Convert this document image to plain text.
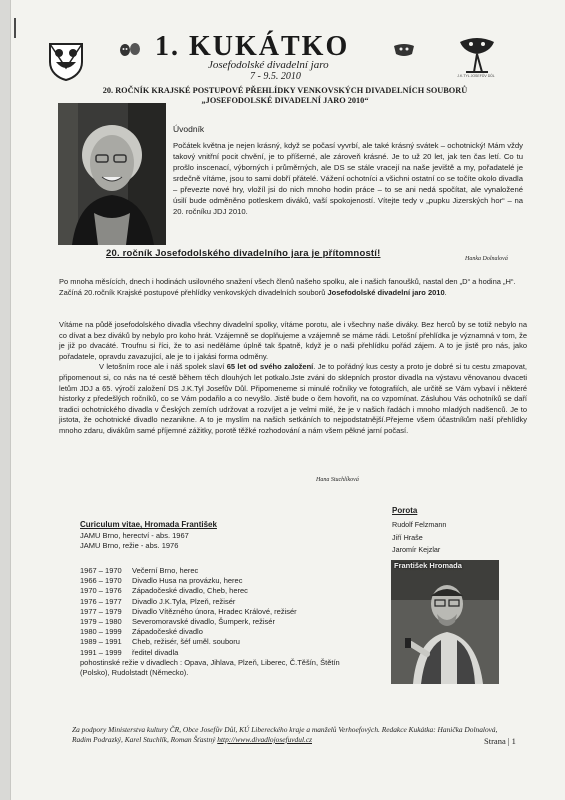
J.K.TYL JOSEFŮV DŮL
1. KUKÁTKO
Josefodolské divadelní jaro
7 - 9.5. 2010
20. ROČNÍK KRAJSKÉ POSTUPOVÉ PŘEHLÍDKY VENKOVSKÝCH DIVADELNÍCH SOUBORŮ
„JOSEFODOLSKÉ DIVADELNÍ JARO 2010“
Úvodník
Počátek května je nejen krásný, když se počasí vyvrbí, ale také krásný svátek – ochotnický! Mám vždy takový vnitřní pocit chvění, je to příšerné, ale zároveň krásné. Je to už 20 let, jak ten čas letí. Co tu prošlo inscenací, výborných i průměrných, ale DS se stále vracejí na naše jeviště a my, pořadatelé je srdečně vítáme, jsou to sami dobří přátelé. Vážení ochotníci a všichni ostatní co se točíte okolo divadla – převezte nové hry, vložíl jsi do nich mnoho hodin práce – to se ani nedá spočítat, ale vynaložené úsilí bude odměněno potleskem diváků, vaší spokojeností. Vítejte tedy v „pupku Jizerských hor“ – na 20. ročníku JDJ 2010.
Hanka Dolnalová
20. ročník Josefodolského divadelního jara je přítomností!
Po mnoha měsících, dnech i hodinách usilovného snažení všech členů našeho spolku, ale i našich fanoušků, nastal den „D“ a hodina „H“. Začíná 20.ročník Krajské postupové přehlídky venkovských divadelních souborů Josefodolské divadelní jaro 2010.

Vítáme na půdě josefodolského divadla všechny divadelní spolky, vítáme porotu, ale i všechny naše diváky. Bez herců by se totiž nebylo na co dívat a bez diváků by nebylo pro koho hrát. Vzájemně se doplňujeme a vzájemně se máme rádi. Letošní přehlídka je významná v tom, že je již po dvacáté. Troufnu si říci, že to asi neděláme úplně tak špatně, když je o naši přehlídku pořád zájem. A to je jistě pro nás, jako pořadatele, opravdu zavazující, ale je to i jakási forma odměny.

V letošním roce ale i náš spolek slaví 65 let od svého založení. Je to pořádný kus cesty a proto je dobré si tu cestu zmapovat, připomenout si, co nás na té cestě během těch dlouhých let potkalo.Jste zváni do sklepních prostor divadla na výstavu věnovanou dvaceti letům JDJ a 65. výročí založení DS J.K.Tyl Josefův Důl. Připomeneme si minulé ročníky ve fotografiích, ale určitě se Vám vybaví i některé historky z předešlých ročníků, co se Vám podařilo a co nevyšlo. Jistě bude o čem hovořit, na co vzpomínat. Zásluhou Vás ochotníků se daří tradici ochotnického divadla v Českých zemích udržovat a rozvíjet a je velmi milé, že je v našich řadách i mnoho mladých nadšenců. Je to jistota, že ochotnické divadlo nezanikne. A to je myslím na našich setkáních to nejpodstatnější.Přejeme všem účastníkům naší přehlídky mnoho zdaru, divákům samé příjemné zážitky, porotě těžké rozhodování a nám všem pěkné jarní počasí.

Hana Stuchlíková
Curiculum vitae, Hromada František
JAMU Brno, herectví - abs. 1967
JAMU Brno, režie - abs. 1976
1967 – 1970	Večerní Brno, herec
1966 – 1970	Divadlo Husa na provázku, herec
1970 – 1976	Západočeské divadlo, Cheb, herec
1976 – 1977	Divadlo J.K.Tyla, Plzeň, režisér
1977 – 1979	Divadlo Vítězného února, Hradec Králové, režisér
1979 – 1980	Severomoravské divadlo, Šumperk, režisér
1980 – 1999	Západočeské divadlo
1989 – 1991	Cheb, režisér, šéf uměl. souboru
1991 – 1999	ředitel divadla
pohostinské režie v divadlech : Opava, Jihlava, Plzeň, Liberec, Č.Těšín, Štětín (Polsko), Rudolstadt (Německo).
Porota
Rudolf Felzmann
Jiří Hraše
Jaromír Kejzlar
František Hromada
Za podpory Ministerstva kultury ČR, Obce Josefův Důl, KÚ Libereckého kraje a manželů Verhoefových. Redakce Kukátka: Hanička Dolnalová, Radim Podrazký, Karel Stuchlík, Roman Šťastný http://www.divadlojosefuvdul.cz	Strana | 1
